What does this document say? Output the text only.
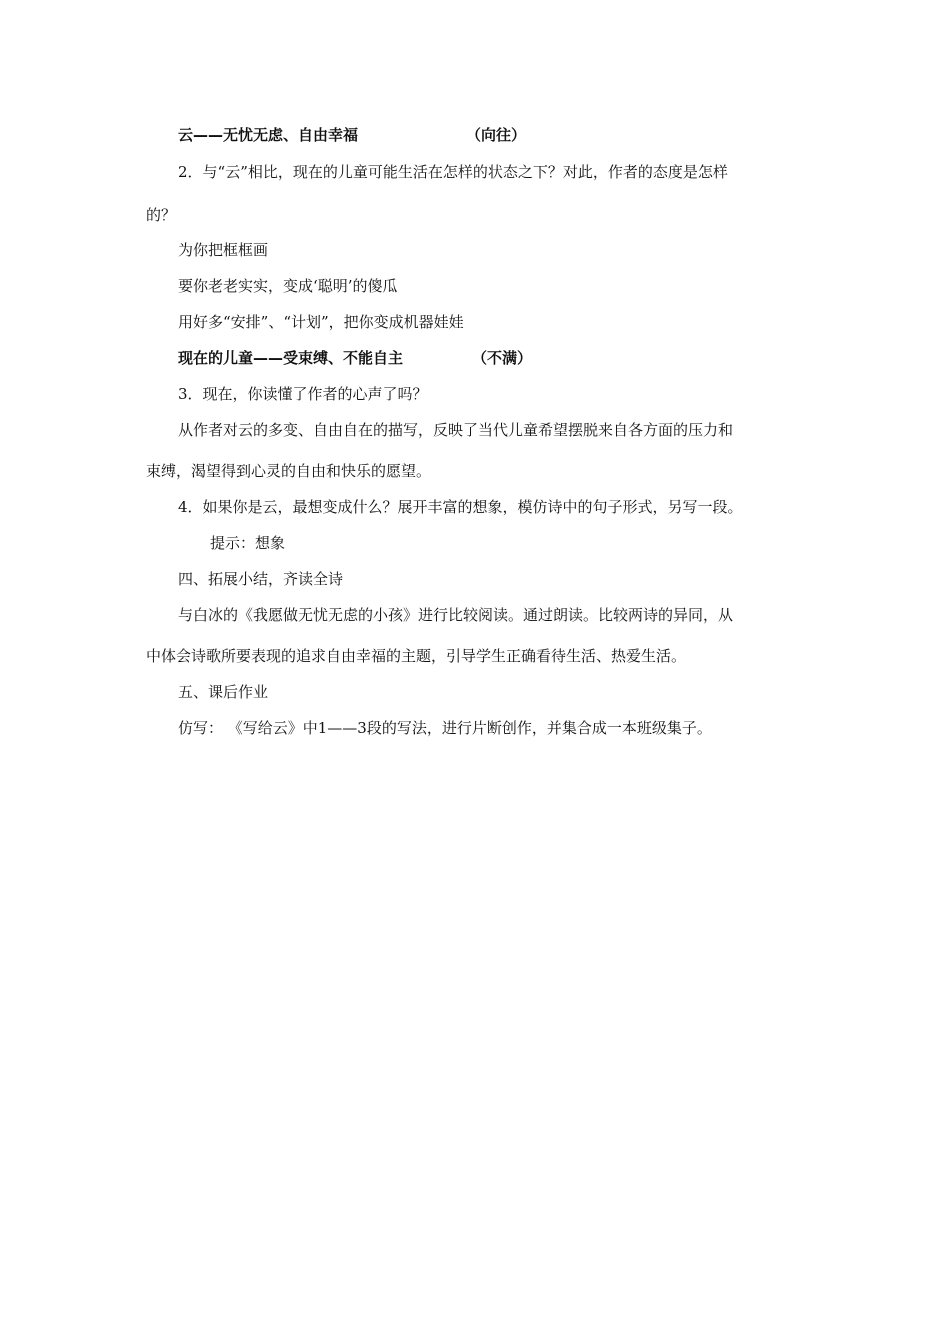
云——无忧无虑、自由幸福	（向往）
2．与“云”相比，现在的儿童可能生活在怎样的状态之下？对此，作者的态度是怎样
的？
为你把框框画
要你老老实实，变成‘聪明’的傻瓜
用好多“安排”、“计划”，把你变成机器娃娃
现在的儿童——受束缚、不能自主	（不满）
3．现在，你读懂了作者的心声了吗？
从作者对云的多变、自由自在的描写，反映了当代儿童希望摆脱来自各方面的压力和
束缚，渴望得到心灵的自由和快乐的愿望。
4．如果你是云，最想变成什么？展开丰富的想象，模仿诗中的句子形式，另写一段。
提示：想象
四、拓展小结，齐读全诗
与白冰的《我愿做无忧无虑的小孩》进行比较阅读。通过朗读。比较两诗的异同，从
中体会诗歌所要表现的追求自由幸福的主题，引导学生正确看待生活、热爱生活。
五、课后作业
仿写： 《写给云》中1——3段的写法，进行片断创作，并集合成一本班级集子。
